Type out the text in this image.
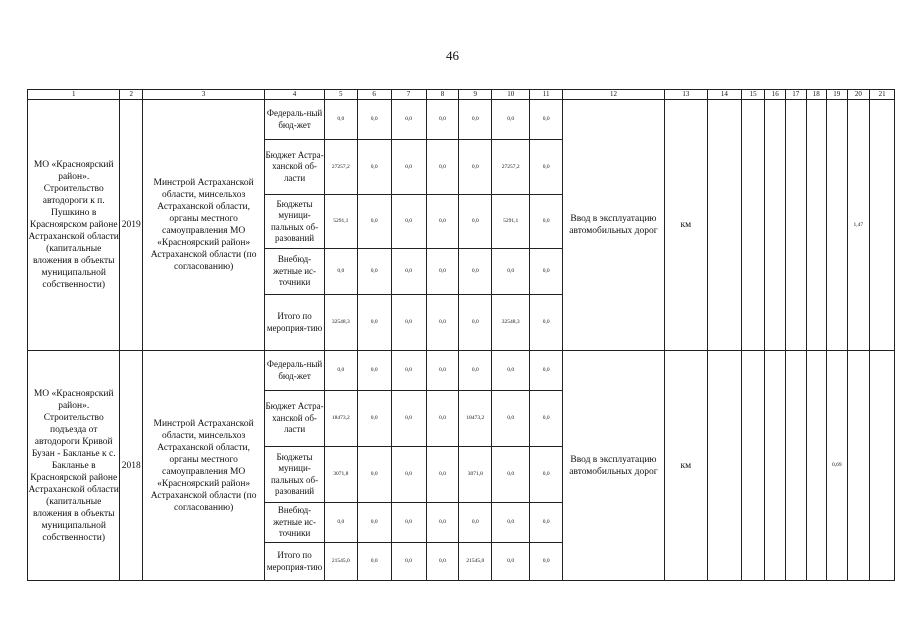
46
1	2	3	4	5	6	7	8	9	10	11	12	13	14	15	16	17	18	19	20	21
МО «Красноярский район». Строительство автодороги к п. Пушкино в Красноярском районе Астраханской области (капитальные вложения в объекты муниципальной собственности)	2019	Минстрой Астраханской области, минсельхоз Астраханской области, органы местного самоуправления МО «Красноярский район» Астраханской области (по согласованию)	Федераль-ный бюд-жет	0,0	0,0	0,0	0,0	0,0	0,0	0,0	Ввод в эксплуатацию автомобильных дорог	км							1,47	
			Бюджет Астра-ханской об-ласти	27257,2	0,0	0,0	0,0	0,0	27257,2	0,0										
			Бюджеты муници-пальных об-разований	5291,1	0,0	0,0	0,0	0,0	5291,1	0,0										
			Внебюд-жетные ис-точники	0,0	0,0	0,0	0,0	0,0	0,0	0,0										
			Итого по мероприя-тию	32548,3	0,0	0,0	0,0	0,0	32548,3	0,0										
МО «Красноярский район». Строительство подъезда от автодороги Кривой Бузан - Бакланье к с. Бакланье в Красноярской районе Астраханской области (капитальные вложения в объекты муниципальной собственности)	2018	Минстрой Астраханской области, минсельхоз Астраханской области, органы местного самоуправления МО «Красноярский район» Астраханской области (по согласованию)	Федераль-ный бюд-жет	0,0	0,0	0,0	0,0	0,0	0,0	0,0	Ввод в эксплуатацию автомобильных дорог	км						0,69		
			Бюджет Астра-ханской об-ласти	18473,2	0,0	0,0	0,0	18473,2	0,0	0,0										
			Бюджеты муници-пальных об-разований	3071,8	0,0	0,0	0,0	3071,8	0,0	0,0										
			Внебюд-жетные ис-точники	0,0	0,0	0,0	0,0	0,0	0,0	0,0										
			Итого по мероприя-тию	21545,0	0,0	0,0	0,0	21545,0	0,0	0,0										
